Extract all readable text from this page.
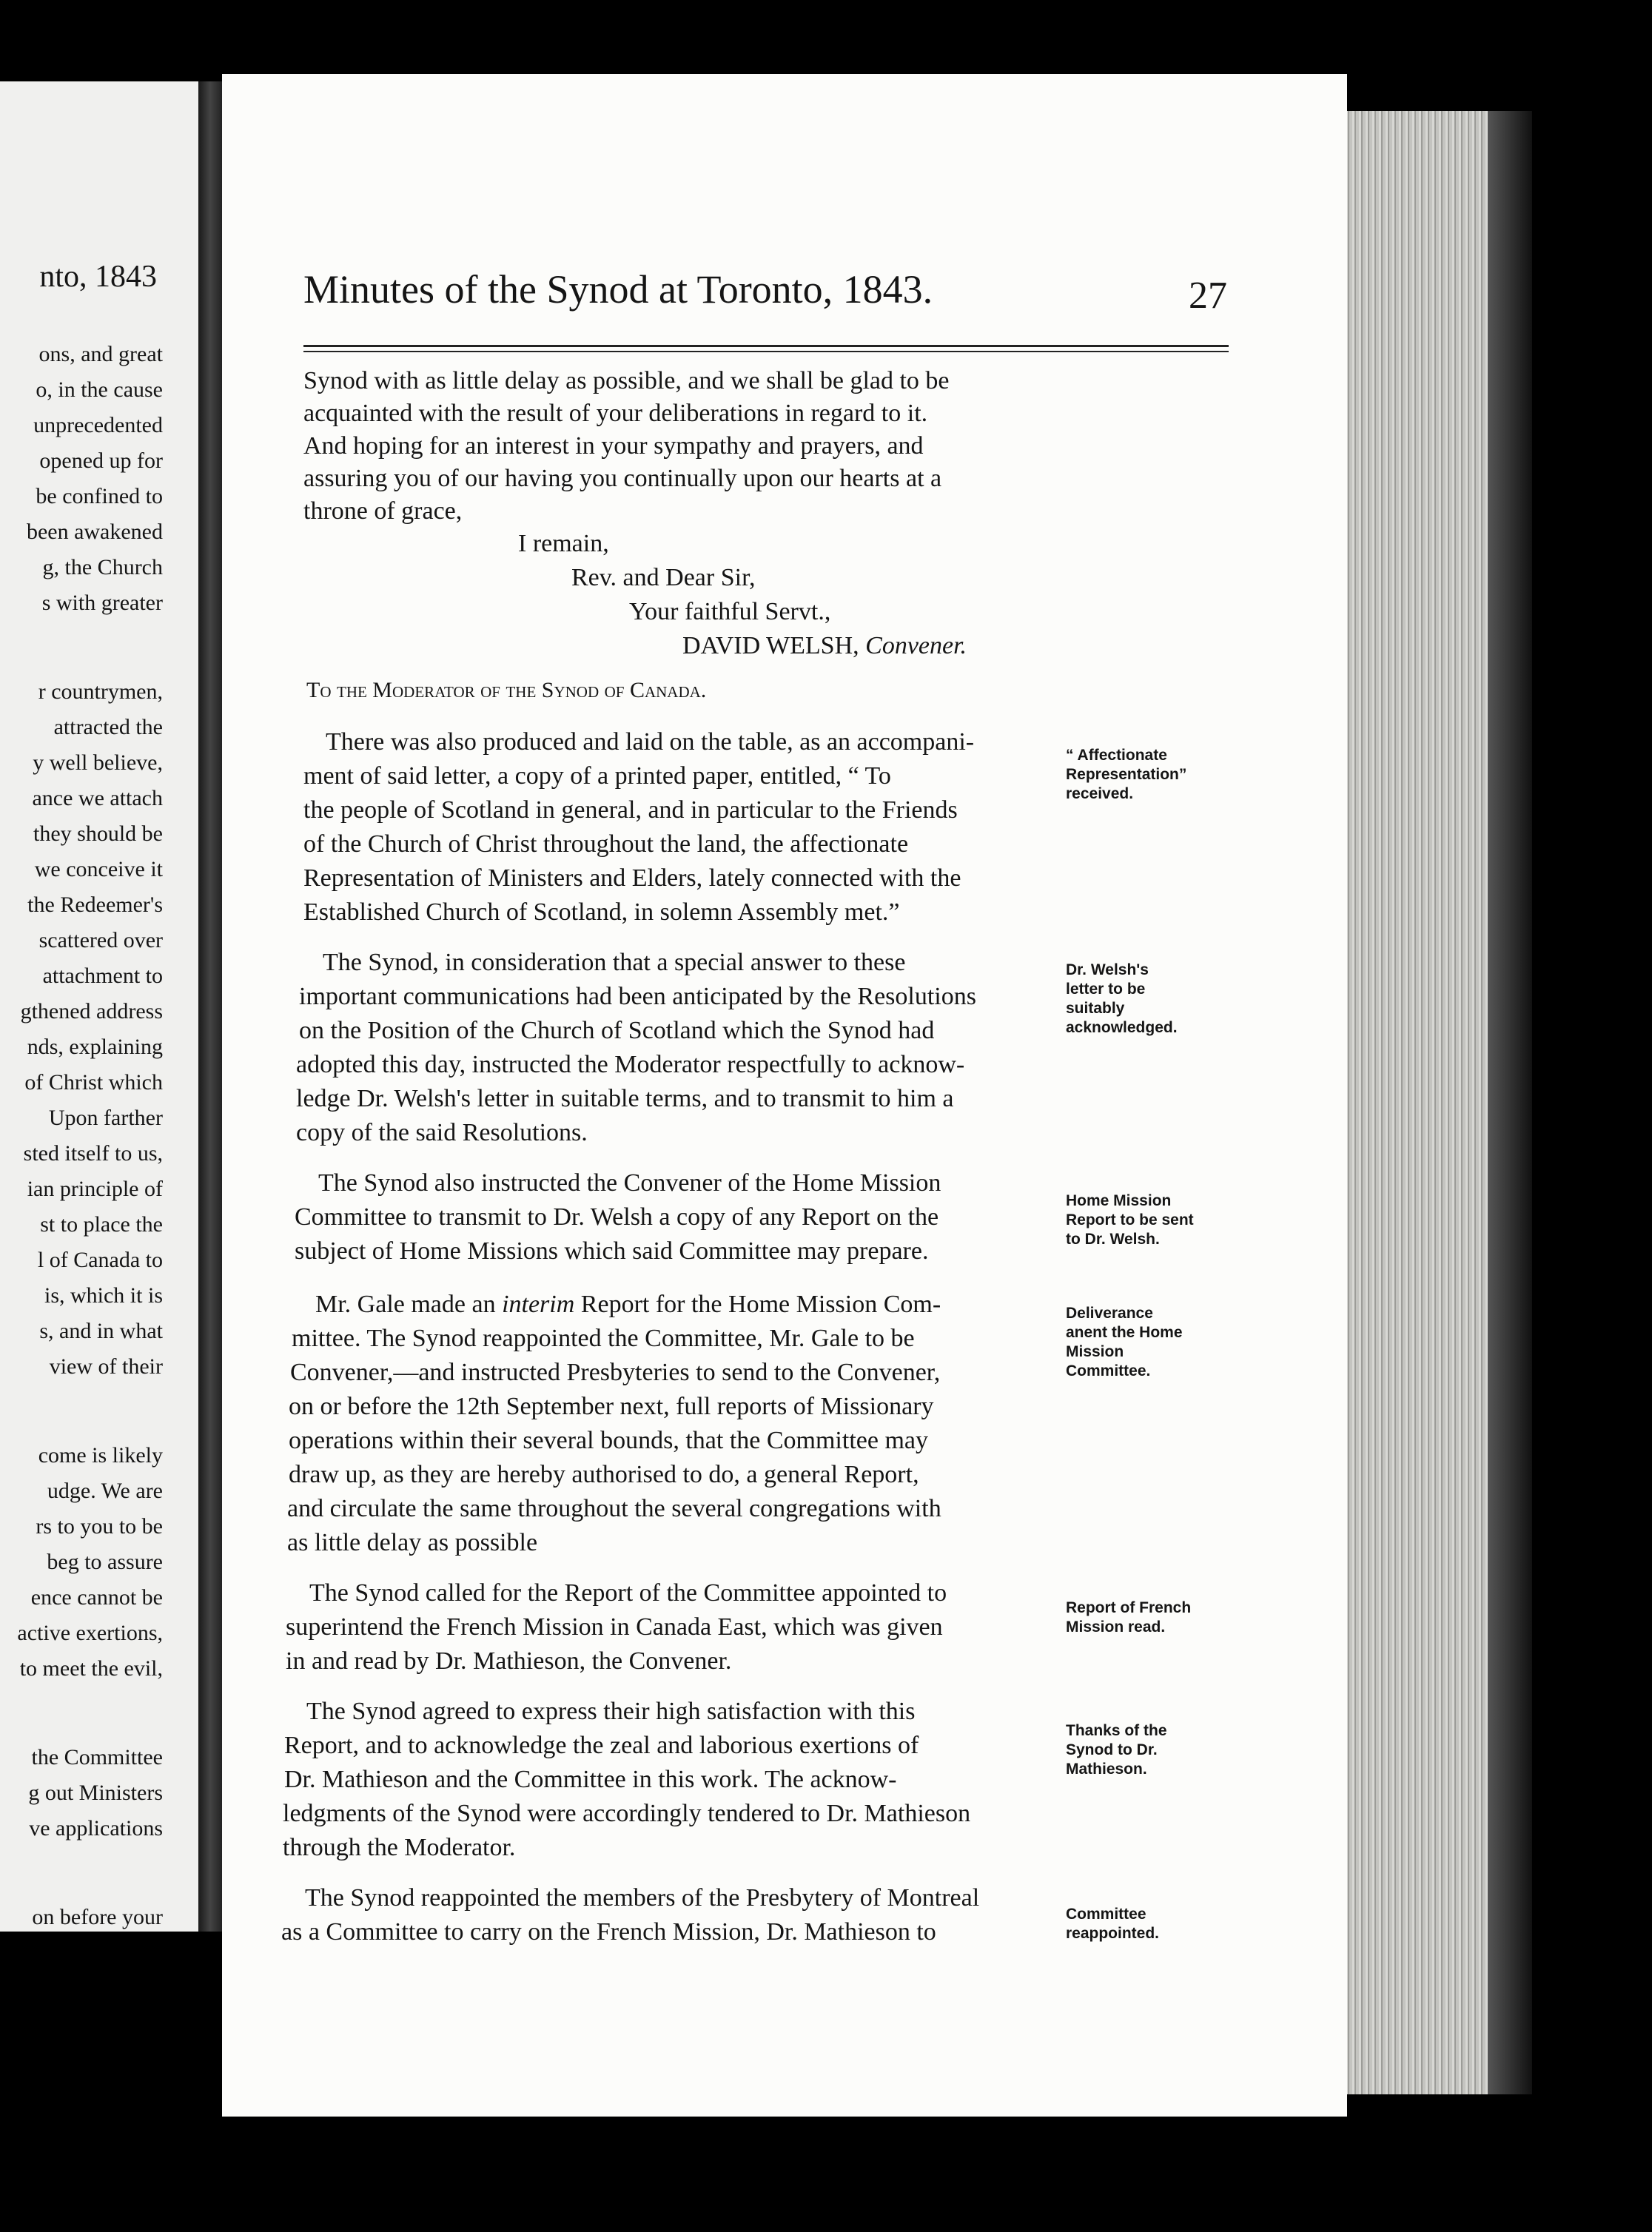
nto, 1843
ons, and great
o, in the cause
unprecedented
opened up for
be confined to
been awakened
g, the Church
s with greater
r countrymen,
attracted the
y well believe,
ance we attach
they should be
we conceive it
the Redeemer's
scattered over
attachment to
gthened address
nds, explaining
of Christ which
Upon farther
sted itself to us,
ian principle of
st to place the
l of Canada to
is, which it is
s, and in what
view of their
come is likely
udge. We are
rs to you to be
beg to assure
ence cannot be
active exertions,
to meet the evil,
the Committee
g out Ministers
ve applications
on before your
Minutes of the Synod at Toronto, 1843.	27
Synod with as little delay as possible, and we shall be glad to be
acquainted with the result of your deliberations in regard to it.
And hoping for an interest in your sympathy and prayers, and
assuring you of our having you continually upon our hearts at a
throne of grace,
I remain,
Rev. and Dear Sir,
Your faithful Servt.,
DAVID WELSH, Convener.
To the Moderator of the Synod of Canada.
There was also produced and laid on the table, as an accompani-
ment of said letter, a copy of a printed paper, entitled, “ To
the people of Scotland in general, and in particular to the Friends
of the Church of Christ throughout the land, the affectionate
Representation of Ministers and Elders, lately connected with the
Established Church of Scotland, in solemn Assembly met.”
The Synod, in consideration that a special answer to these
important communications had been anticipated by the Resolutions
on the Position of the Church of Scotland which the Synod had
adopted this day, instructed the Moderator respectfully to acknow-
ledge Dr. Welsh's letter in suitable terms, and to transmit to him a
copy of the said Resolutions.
The Synod also instructed the Convener of the Home Mission
Committee to transmit to Dr. Welsh a copy of any Report on the
subject of Home Missions which said Committee may prepare.
Mr. Gale made an interim Report for the Home Mission Com-
mittee. The Synod reappointed the Committee, Mr. Gale to be
Convener,—and instructed Presbyteries to send to the Convener,
on or before the 12th September next, full reports of Missionary
operations within their several bounds, that the Committee may
draw up, as they are hereby authorised to do, a general Report,
and circulate the same throughout the several congregations with
as little delay as possible
The Synod called for the Report of the Committee appointed to
superintend the French Mission in Canada East, which was given
in and read by Dr. Mathieson, the Convener.
The Synod agreed to express their high satisfaction with this
Report, and to acknowledge the zeal and laborious exertions of
Dr. Mathieson and the Committee in this work. The acknow-
ledgments of the Synod were accordingly tendered to Dr. Mathieson
through the Moderator.
The Synod reappointed the members of the Presbytery of Montreal
as a Committee to carry on the French Mission, Dr. Mathieson to
“ Affectionate
Representation”
received.
Dr. Welsh's
letter to be
suitably
acknowledged.
Home Mission
Report to be sent
to Dr. Welsh.
Deliverance
anent the Home
Mission
Committee.
Report of French
Mission read.
Thanks of the
Synod to Dr.
Mathieson.
Committee
reappointed.
